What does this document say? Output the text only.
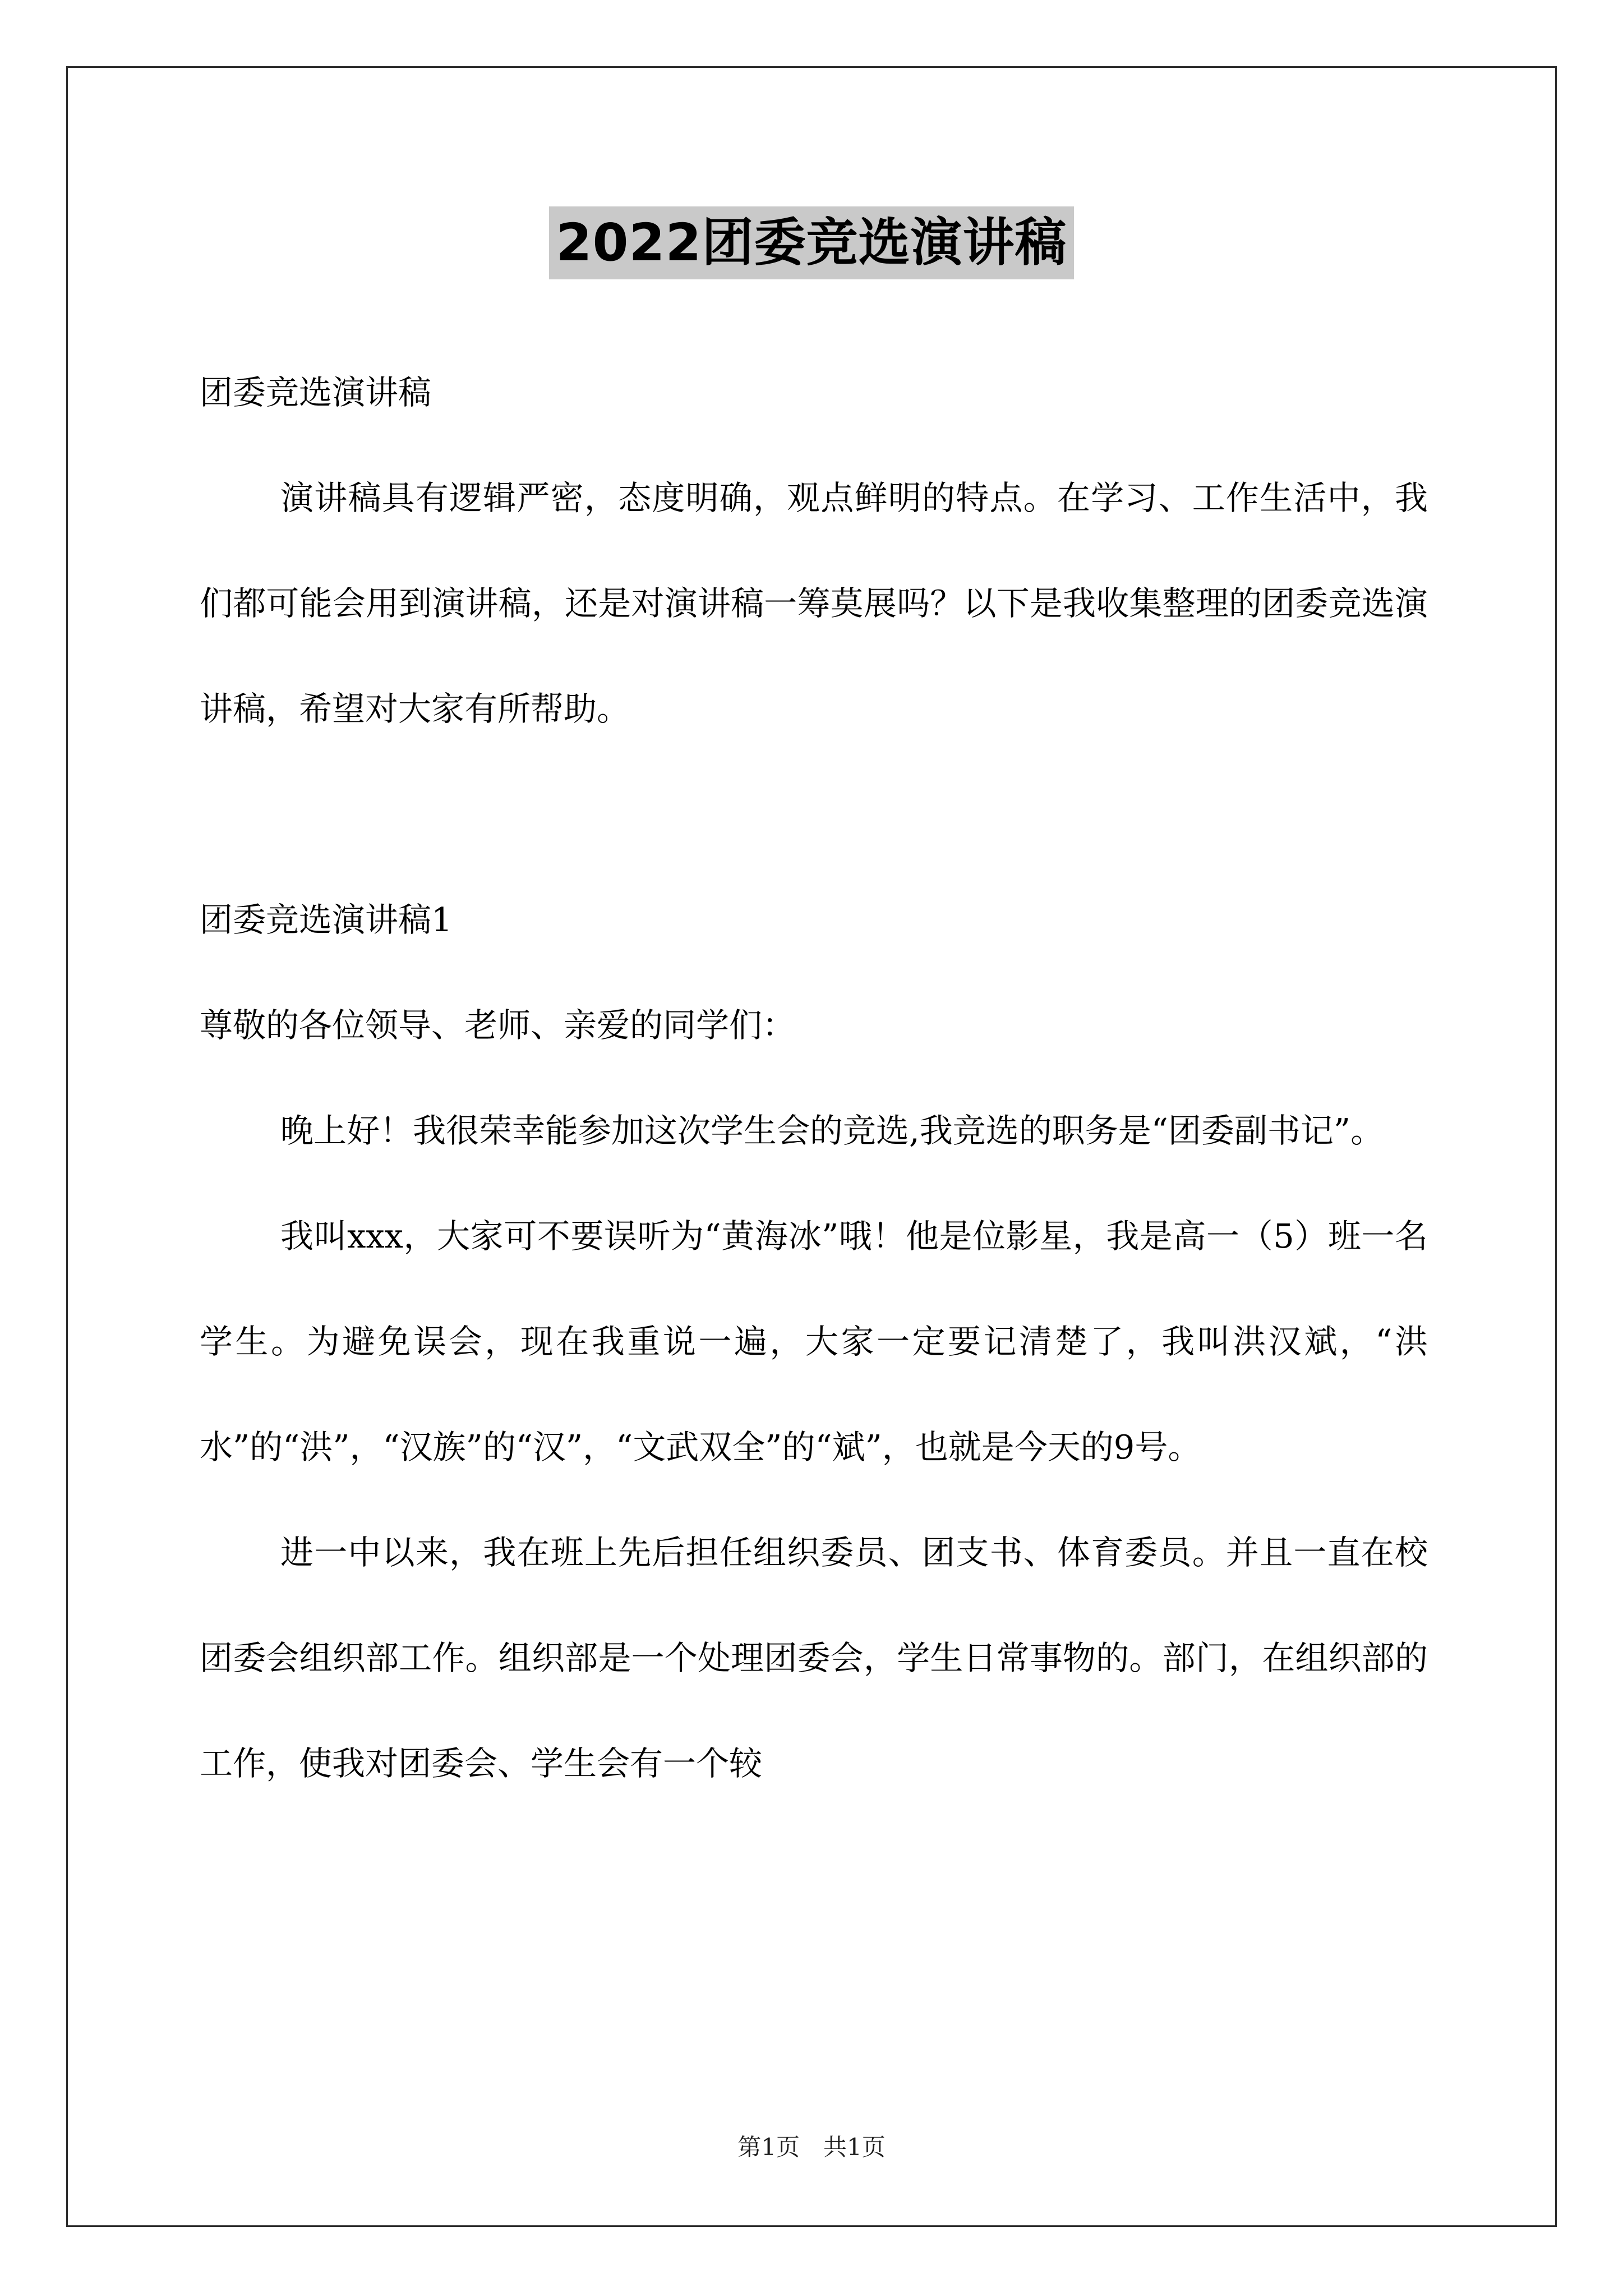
2022团委竞选演讲稿

团委竞选演讲稿

演讲稿具有逻辑严密，态度明确，观点鲜明的特点。在学习、工作生活中，我们都可能会用到演讲稿，还是对演讲稿一筹莫展吗？以下是我收集整理的团委竞选演讲稿，希望对大家有所帮助。

团委竞选演讲稿1

尊敬的各位领导、老师、亲爱的同学们：

晚上好！我很荣幸能参加这次学生会的竞选,我竞选的职务是“团委副书记”。

我叫xxx，大家可不要误听为“黄海冰”哦！他是位影星，我是高一（5）班一名学生。为避免误会，现在我重说一遍，大家一定要记清楚了，我叫洪汉斌，“洪水”的“洪”，“汉族”的“汉”，“文武双全”的“斌”，也就是今天的9号。

进一中以来，我在班上先后担任组织委员、团支书、体育委员。并且一直在校团委会组织部工作。组织部是一个处理团委会，学生日常事物的。部门，在组织部的工作，使我对团委会、学生会有一个较

第1页　共1页
